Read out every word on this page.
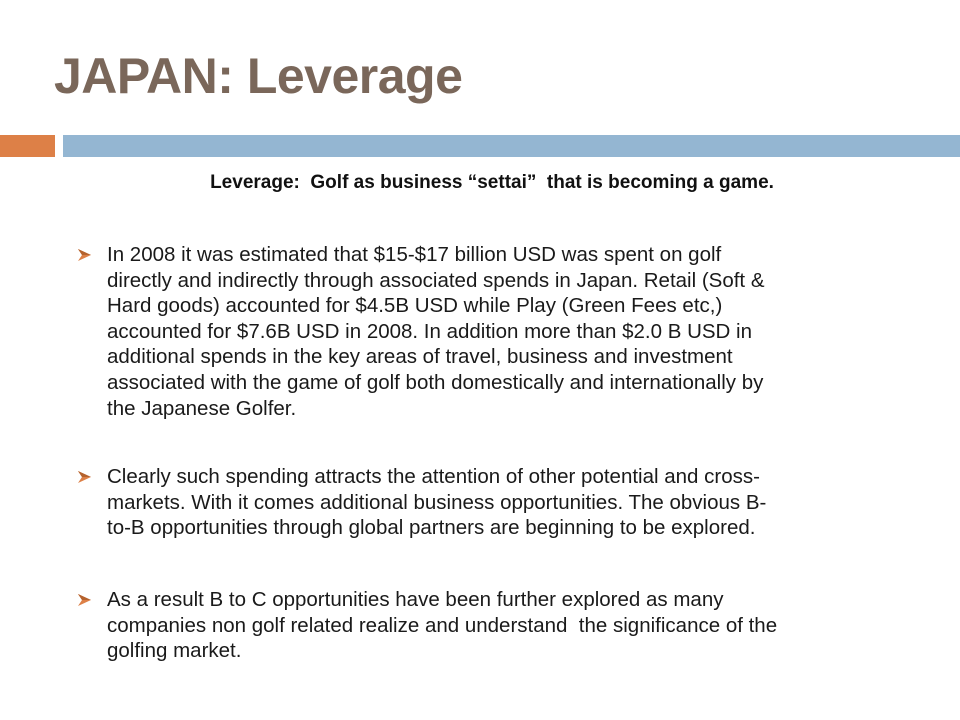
JAPAN: Leverage
Leverage:  Golf as business “settai”  that is becoming a game.
In 2008 it was estimated that $15-$17 billion USD was spent on golf
directly and indirectly through associated spends in Japan. Retail (Soft &
Hard goods) accounted for $4.5B USD while Play (Green Fees etc,)
accounted for $7.6B USD in 2008. In addition more than $2.0 B USD in
additional spends in the key areas of travel, business and investment
associated with the game of golf both domestically and internationally by
the Japanese Golfer.
Clearly such spending attracts the attention of other potential and cross-
markets. With it comes additional business opportunities. The obvious B-
to-B opportunities through global partners are beginning to be explored.
As a result B to C opportunities have been further explored as many
companies non golf related realize and understand  the significance of the
golfing market.
